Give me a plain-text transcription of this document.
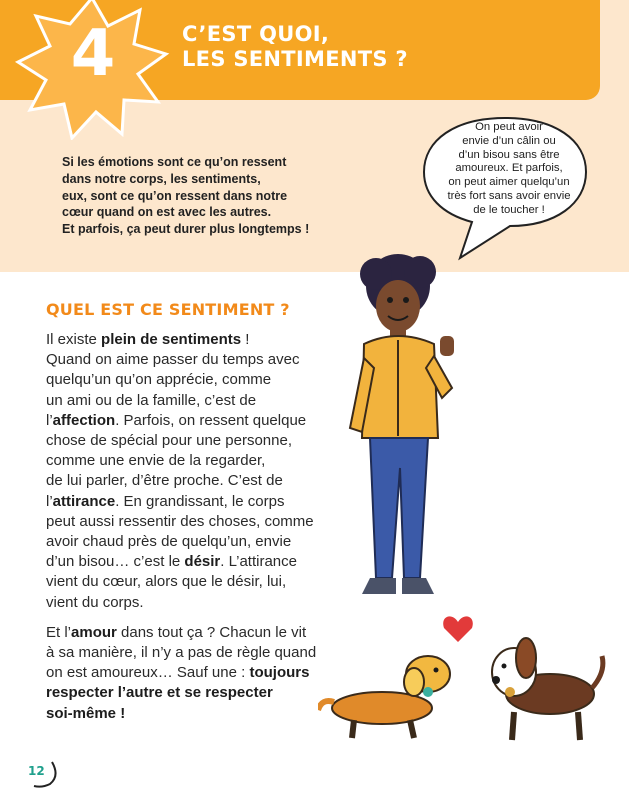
4	C’EST QUOI,
LES SENTIMENTS ?
Si les émotions sont ce qu’on ressent
dans notre corps, les sentiments,
eux, sont ce qu’on ressent dans notre
cœur quand on est avec les autres.
Et parfois, ça peut durer plus longtemps !
On peut avoir
envie d’un câlin ou
d’un bisou sans être
amoureux. Et parfois,
on peut aimer quelqu’un
très fort sans avoir envie
de le toucher !
QUEL EST CE SENTIMENT ?

Il existe plein de sentiments !
Quand on aime passer du temps avec
quelqu’un qu’on apprécie, comme
un ami ou de la famille, c’est de
l’affection. Parfois, on ressent quelque
chose de spécial pour une personne,
comme une envie de la regarder,
de lui parler, d’être proche. C’est de
l’attirance. En grandissant, le corps
peut aussi ressentir des choses, comme
avoir chaud près de quelqu’un, envie
d’un bisou… c’est le désir. L’attirance
vient du cœur, alors que le désir, lui,
vient du corps.

Et l’amour dans tout ça ? Chacun le vit
à sa manière, il n’y a pas de règle quand
on est amoureux… Sauf une : toujours
respecter l’autre et se respecter
soi-même !

12
